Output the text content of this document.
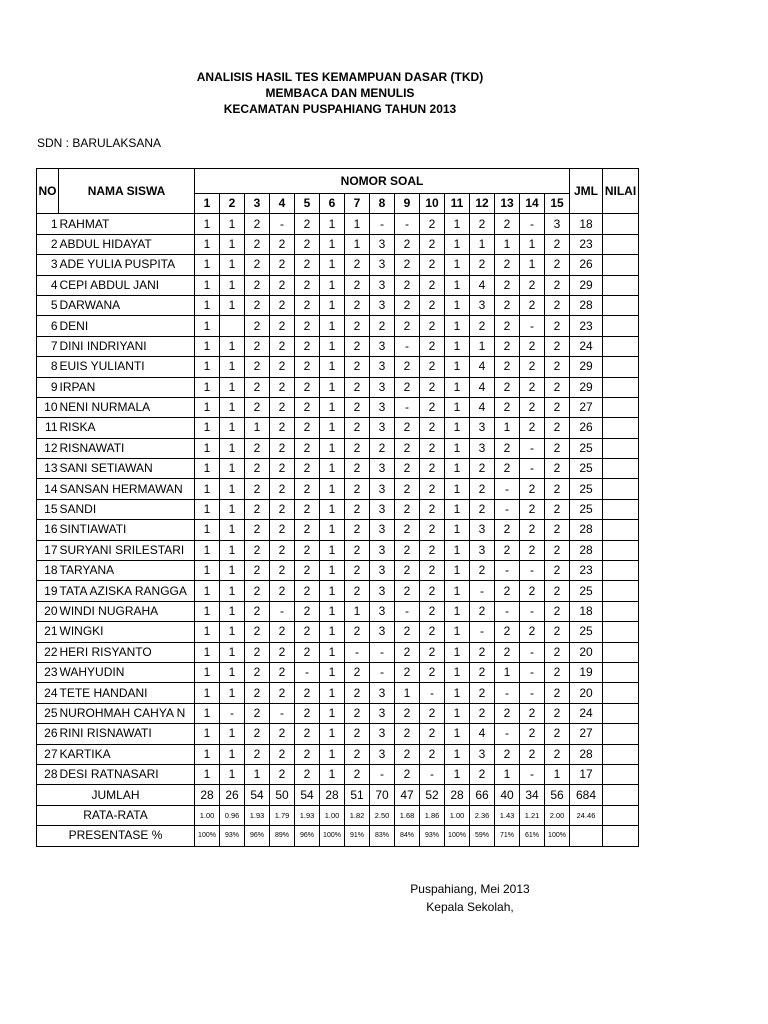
ANALISIS HASIL TES KEMAMPUAN DASAR (TKD)
MEMBACA DAN MENULIS
KECAMATAN PUSPAHIANG TAHUN 2013
SDN : BARULAKSANA
NO	NAMA SISWA	NOMOR SOAL															JML	NILAI
		1	2	3	4	5	6	7	8	9	10	11	12	13	14	15		
1	RAHMAT	1	1	2	-	2	1	1	-	-	2	1	2	2	-	3	18	
2	ABDUL HIDAYAT	1	1	2	2	2	1	1	3	2	2	1	1	1	1	2	23	
3	ADE YULIA PUSPITA	1	1	2	2	2	1	2	3	2	2	1	2	2	1	2	26	
4	CEPI ABDUL JANI	1	1	2	2	2	1	2	3	2	2	1	4	2	2	2	29	
5	DARWANA	1	1	2	2	2	1	2	3	2	2	1	3	2	2	2	28	
6	DENI	1		2	2	2	1	2	2	2	2	1	2	2	-	2	23	
7	DINI INDRIYANI	1	1	2	2	2	1	2	3	-	2	1	1	2	2	2	24	
8	EUIS YULIANTI	1	1	2	2	2	1	2	3	2	2	1	4	2	2	2	29	
9	IRPAN	1	1	2	2	2	1	2	3	2	2	1	4	2	2	2	29	
10	NENI NURMALA	1	1	2	2	2	1	2	3	-	2	1	4	2	2	2	27	
11	RISKA	1	1	1	2	2	1	2	3	2	2	1	3	1	2	2	26	
12	RISNAWATI	1	1	2	2	2	1	2	2	2	2	1	3	2	-	2	25	
13	SANI SETIAWAN	1	1	2	2	2	1	2	3	2	2	1	2	2	-	2	25	
14	SANSAN HERMAWAN	1	1	2	2	2	1	2	3	2	2	1	2	-	2	2	25	
15	SANDI	1	1	2	2	2	1	2	3	2	2	1	2	-	2	2	25	
16	SINTIAWATI	1	1	2	2	2	1	2	3	2	2	1	3	2	2	2	28	
17	SURYANI SRILESTARI	1	1	2	2	2	1	2	3	2	2	1	3	2	2	2	28	
18	TARYANA	1	1	2	2	2	1	2	3	2	2	1	2	-	-	2	23	
19	TATA AZISKA RANGGA	1	1	2	2	2	1	2	3	2	2	1	-	2	2	2	25	
20	WINDI NUGRAHA	1	1	2	-	2	1	1	3	-	2	1	2	-	-	2	18	
21	WINGKI	1	1	2	2	2	1	2	3	2	2	1	-	2	2	2	25	
22	HERI RISYANTO	1	1	2	2	2	1	-	-	2	2	1	2	2	-	2	20	
23	WAHYUDIN	1	1	2	2	-	1	2	-	2	2	1	2	1	-	2	19	
24	TETE HANDANI	1	1	2	2	2	1	2	3	1	-	1	2	-	-	2	20	
25	NUROHMAH CAHYA N	1	-	2	-	2	1	2	3	2	2	1	2	2	2	2	24	
26	RINI RISNAWATI	1	1	2	2	2	1	2	3	2	2	1	4	-	2	2	27	
27	KARTIKA	1	1	2	2	2	1	2	3	2	2	1	3	2	2	2	28	
28	DESI RATNASARI	1	1	1	2	2	1	2	-	2	-	1	2	1	-	1	17	
JUMLAH		28	26	54	50	54	28	51	70	47	52	28	66	40	34	56	684	
RATA-RATA		1.00	0.96	1.93	1.79	1.93	1.00	1.82	2.50	1.68	1.86	1.00	2.36	1.43	1.21	2.00	24.46	
PRESENTASE %		100%	93%	96%	89%	96%	100%	91%	83%	84%	93%	100%	59%	71%	61%	100%		
Puspahiang, Mei 2013
Kepala Sekolah,
